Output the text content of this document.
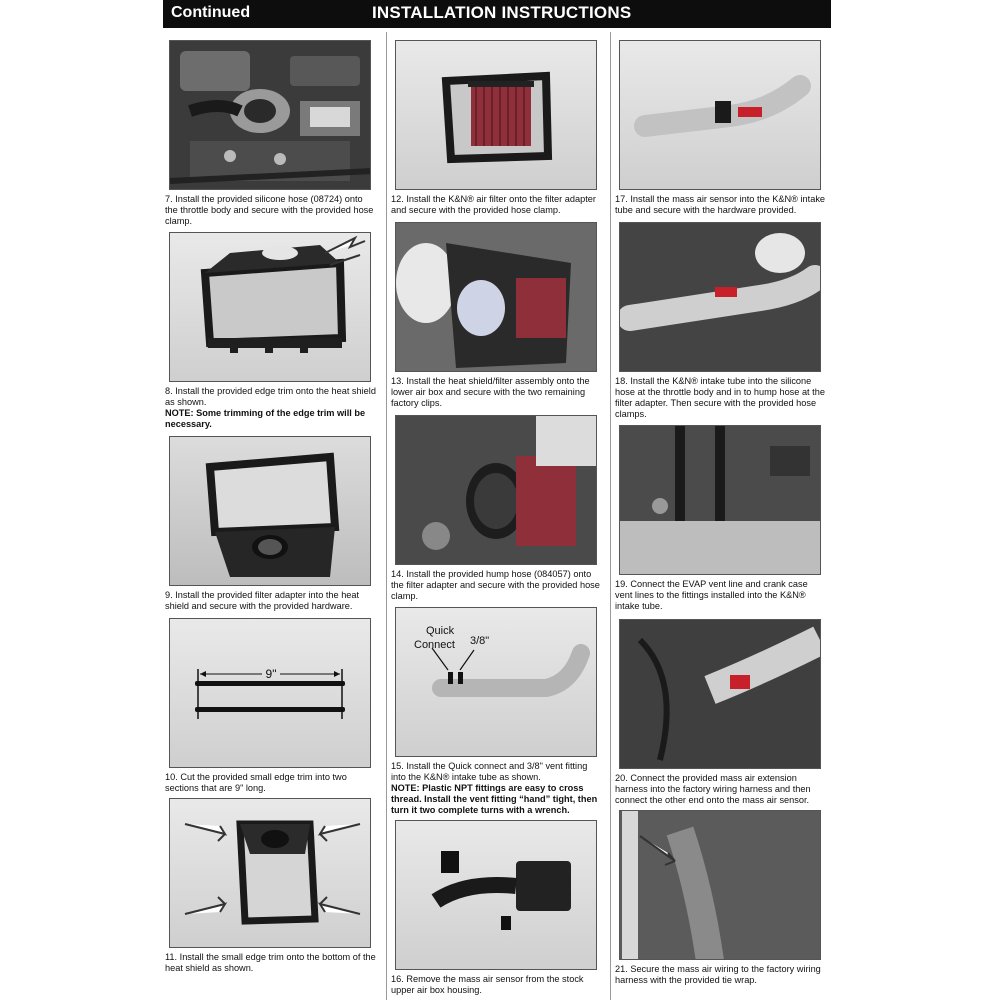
Continued	INSTALLATION INSTRUCTIONS
7. Install the provided silicone hose (08724) onto the throttle body and secure with the provided hose clamp.
8. Install the provided edge trim onto the heat shield as shown.
NOTE: Some trimming of the edge trim will be necessary.
9. Install the provided filter adapter into the heat shield and secure with the provided hardware.
9"
10. Cut the provided small edge trim into two sections that are 9" long.
11. Install the small edge trim onto the bottom of the heat shield as shown.
12. Install the K&N® air filter onto the filter adapter and secure with the provided hose clamp.
13. Install the heat shield/filter assembly onto the lower air box and secure with the two remaining factory clips.
14. Install the provided hump hose (084057) onto the filter adapter and secure with the provided hose clamp.
Quick
Connect 3/8"
15. Install the Quick connect and 3/8" vent fitting into the K&N® intake tube as shown.
NOTE: Plastic NPT fittings are easy to cross thread. Install the vent fitting “hand” tight, then turn it two complete turns with a wrench.
16. Remove the mass air sensor from the stock upper air box housing.
17. Install the mass air sensor into the K&N® intake tube and secure with the hardware provided.
18. Install the K&N® intake tube into the silicone hose at the throttle body and in to hump hose at the filter adapter. Then secure with the provided hose clamps.
19. Connect the EVAP vent line and crank case vent lines to the fittings installed into the K&N® intake tube.
20. Connect the provided mass air extension harness into the factory wiring harness and then connect the other end onto the mass air sensor.
21. Secure the mass air wiring to the factory wiring harness with the provided tie wrap.
